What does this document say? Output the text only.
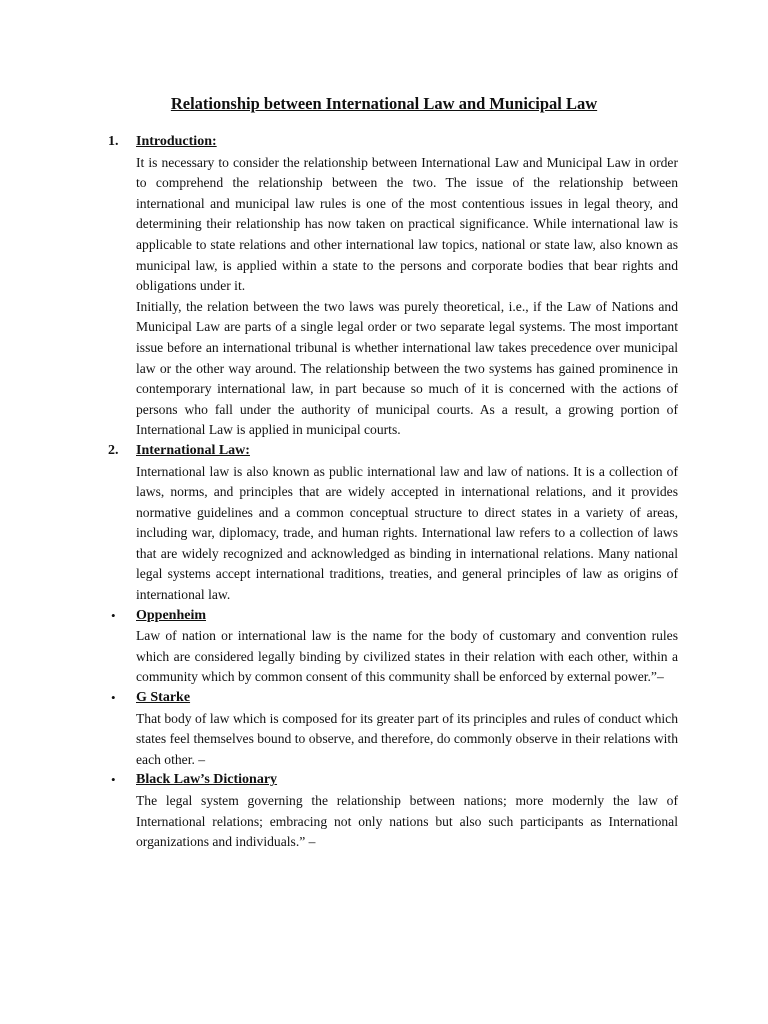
Relationship between International Law and Municipal Law
1. Introduction:

It is necessary to consider the relationship between International Law and Municipal Law in order to comprehend the relationship between the two. The issue of the relationship between international and municipal law rules is one of the most contentious issues in legal theory, and determining their relationship has now taken on practical significance. While international law is applicable to state relations and other international law topics, national or state law, also known as municipal law, is applied within a state to the persons and corporate bodies that bear rights and obligations under it.

Initially, the relation between the two laws was purely theoretical, i.e., if the Law of Nations and Municipal Law are parts of a single legal order or two separate legal systems. The most important issue before an international tribunal is whether international law takes precedence over municipal law or the other way around. The relationship between the two systems has gained prominence in contemporary international law, in part because so much of it is concerned with the actions of persons who fall under the authority of municipal courts. As a result, a growing portion of International Law is applied in municipal courts.

2. International Law:

International law is also known as public international law and law of nations. It is a collection of laws, norms, and principles that are widely accepted in international relations, and it provides normative guidelines and a common conceptual structure to direct states in a variety of areas, including war, diplomacy, trade, and human rights. International law refers to a collection of laws that are widely recognized and acknowledged as binding in international relations. Many national legal systems accept international traditions, treaties, and general principles of law as origins of international law.

• Oppenheim

Law of nation or international law is the name for the body of customary and convention rules which are considered legally binding by civilized states in their relation with each other, within a community which by common consent of this community shall be enforced by external power.”–

• G Starke

That body of law which is composed for its greater part of its principles and rules of conduct which states feel themselves bound to observe, and therefore, do commonly observe in their relations with each other. –

• Black Law’s Dictionary

The legal system governing the relationship between nations; more modernly the law of International relations; embracing not only nations but also such participants as International organizations and individuals.” –
